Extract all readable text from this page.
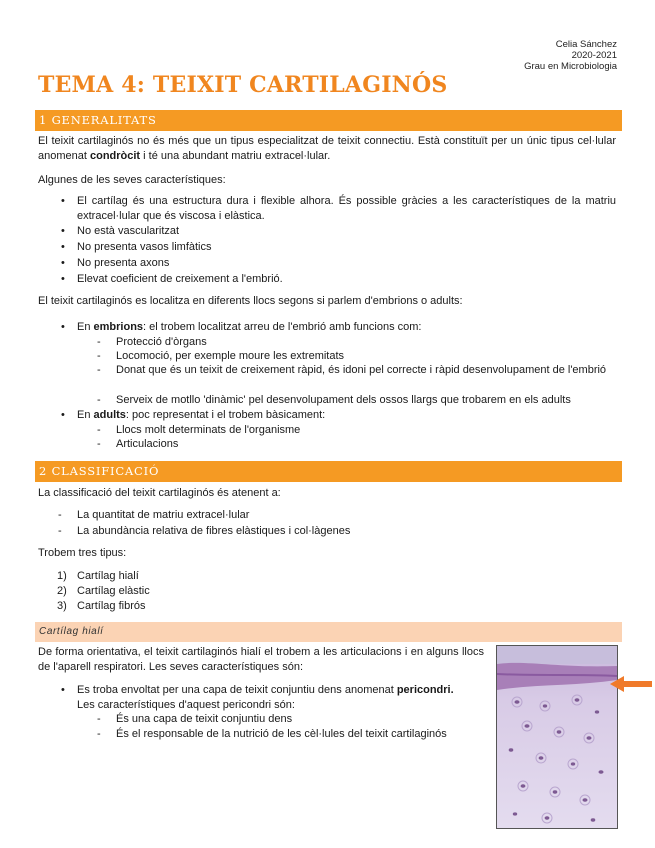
Celia Sánchez
2020-2021
Grau en Microbiologia
TEMA 4: TEIXIT CARTILAGINÓS
1 GENERALITATS

El teixit cartilaginós no és més que un tipus especialitzat de teixit connectiu. Està constituït per un únic tipus cel·lular anomenat condròcit i té una abundant matriu extracel·lular.

Algunes de les seves característiques:

• El cartílag és una estructura dura i flexible alhora. És possible gràcies a les característiques de la matriu extracel·lular que és viscosa i elàstica.

• No està vascularitzat

• No presenta vasos limfàtics

• No presenta axons

• Elevat coeficient de creixement a l'embrió.

El teixit cartilaginós es localitza en diferents llocs segons si parlem d'embrions o adults:

• En embrions: el trobem localitzat arreu de l'embrió amb funcions com:

- Protecció d'òrgans

- Locomoció, per exemple moure les extremitats

- Donat que és un teixit de creixement ràpid, és idoni pel correcte i ràpid desenvolupament de l'embrió

- Serveix de motllo 'dinàmic' pel desenvolupament dels ossos llargs que trobarem en els adults

• En adults: poc representat i el trobem bàsicament:

- Llocs molt determinats de l'organisme

- Articulacions

2 CLASSIFICACIÓ

La classificació del teixit cartilaginós és atenent a:

- La quantitat de matriu extracel·lular

- La abundància relativa de fibres elàstiques i col·làgenes

Trobem tres tipus:

1) Cartílag hialí

2) Cartílag elàstic

3) Cartílag fibrós

Cartílag hialí

De forma orientativa, el teixit cartilaginós hialí el trobem a les articulacions i en alguns llocs de l'aparell respiratori. Les seves característiques són:

• Es troba envoltat per una capa de teixit conjuntiu dens anomenat pericondri.
Les característiques d'aquest pericondri són:

- És una capa de teixit conjuntiu dens

- És el responsable de la nutrició de les cèl·lules del teixit cartilaginós
